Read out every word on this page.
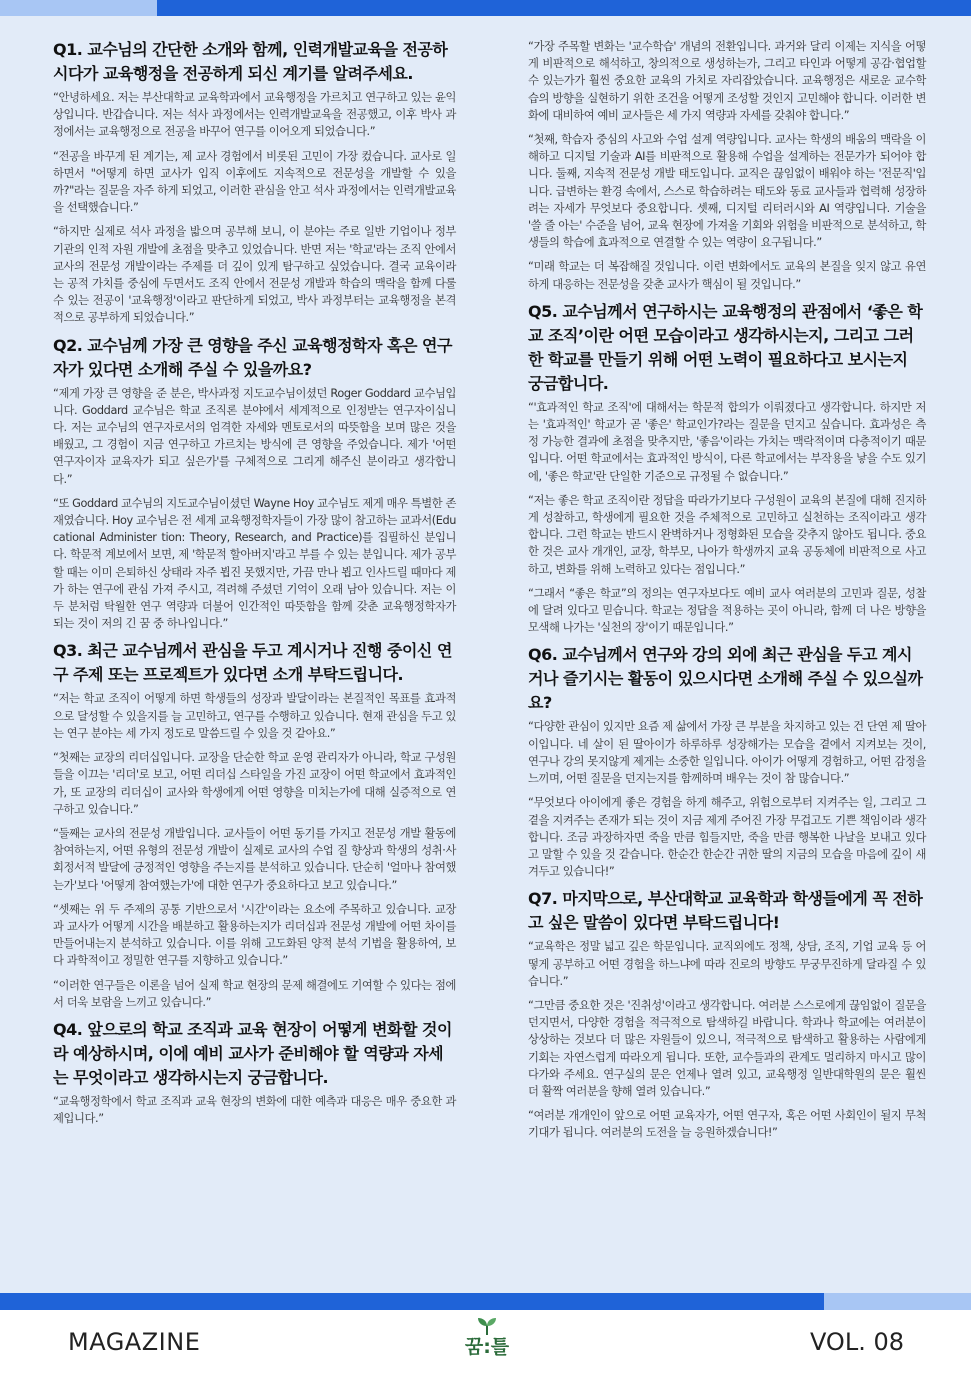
Q1. 교수님의 간단한 소개와 함께, 인력개발교육을 전공하시다가 교육행정을 전공하게 되신 계기를 알려주세요.
“안녕하세요. 저는 부산대학교 교육학과에서 교육행정을 가르치고 연구하고 있는 윤익상입니다. 반갑습니다. 저는 석사 과정에서는 인력개발교육을 전공했고, 이후 박사 과정에서는 교육행정으로 전공을 바꾸어 연구를 이어오게 되었습니다.”
“전공을 바꾸게 된 계기는, 제 교사 경험에서 비롯된 고민이 가장 컸습니다. 교사로 일하면서 "어떻게 하면 교사가 입직 이후에도 지속적으로 전문성을 개발할 수 있을까?"라는 질문을 자주 하게 되었고, 이러한 관심을 안고 석사 과정에서는 인력개발교육을 선택했습니다.”
“하지만 실제로 석사 과정을 밟으며 공부해 보니, 이 분야는 주로 일반 기업이나 정부 기관의 인적 자원 개발에 초점을 맞추고 있었습니다. 반면 저는 '학교'라는 조직 안에서 교사의 전문성 개발이라는 주제를 더 깊이 있게 탐구하고 싶었습니다. 결국 교육이라는 공적 가치를 중심에 두면서도 조직 안에서 전문성 개발과 학습의 맥락을 함께 다룰 수 있는 전공이 '교육행정'이라고 판단하게 되었고, 박사 과정부터는 교육행정을 본격적으로 공부하게 되었습니다.”
Q2. 교수님께 가장 큰 영향을 주신 교육행정학자 혹은 연구자가 있다면 소개해 주실 수 있을까요?
“제게 가장 큰 영향을 준 분은, 박사과정 지도교수님이셨던 Roger Goddard 교수님입니다. Goddard 교수님은 학교 조직론 분야에서 세계적으로 인정받는 연구자이십니다. 저는 교수님의 연구자로서의 엄격한 자세와 멘토로서의 따뜻함을 보며 많은 것을 배웠고, 그 경험이 지금 연구하고 가르치는 방식에 큰 영향을 주었습니다. 제가 '어떤 연구자이자 교육자가 되고 싶은가'를 구체적으로 그리게 해주신 분이라고 생각합니다.”
“또 Goddard 교수님의 지도교수님이셨던 Wayne Hoy 교수님도 제게 매우 특별한 존재였습니다. Hoy 교수님은 전 세계 교육행정학자들이 가장 많이 참고하는 교과서(Educational Administer tion: Theory, Research, and Practice)를 집필하신 분입니다. 학문적 계보에서 보면, 제 '학문적 할아버지'라고 부를 수 있는 분입니다. 제가 공부할 때는 이미 은퇴하신 상태라 자주 뵙진 못했지만, 가끔 만나 뵙고 인사드릴 때마다 제가 하는 연구에 관심 가져 주시고, 격려해 주셨던 기억이 오래 남아 있습니다. 저는 이 두 분처럼 탁월한 연구 역량과 더불어 인간적인 따뜻함을 함께 갖춘 교육행정학자가 되는 것이 저의 긴 꿈 중 하나입니다.”
Q3. 최근 교수님께서 관심을 두고 계시거나 진행 중이신 연구 주제 또는 프로젝트가 있다면 소개 부탁드립니다.
“저는 학교 조직이 어떻게 하면 학생들의 성장과 발달이라는 본질적인 목표를 효과적으로 달성할 수 있을지를 늘 고민하고, 연구를 수행하고 있습니다. 현재 관심을 두고 있는 연구 분야는 세 가지 정도로 말씀드릴 수 있을 것 같아요.”
“첫째는 교장의 리더십입니다. 교장을 단순한 학교 운영 관리자가 아니라, 학교 구성원들을 이끄는 '리더'로 보고, 어떤 리더십 스타일을 가진 교장이 어떤 학교에서 효과적인가, 또 교장의 리더십이 교사와 학생에게 어떤 영향을 미치는가에 대해 실증적으로 연구하고 있습니다.”
“둘째는 교사의 전문성 개발입니다. 교사들이 어떤 동기를 가지고 전문성 개발 활동에 참여하는지, 어떤 유형의 전문성 개발이 실제로 교사의 수업 질 향상과 학생의 성취·사회정서적 발달에 긍정적인 영향을 주는지를 분석하고 있습니다. 단순히 '얼마나 참여했는가'보다 '어떻게 참여했는가'에 대한 연구가 중요하다고 보고 있습니다.”
“셋째는 위 두 주제의 공통 기반으로서 '시간'이라는 요소에 주목하고 있습니다. 교장과 교사가 어떻게 시간을 배분하고 활용하는지가 리더십과 전문성 개발에 어떤 차이를 만들어내는지 분석하고 있습니다. 이를 위해 고도화된 양적 분석 기법을 활용하여, 보다 과학적이고 정밀한 연구를 지향하고 있습니다.”
“이러한 연구들은 이론을 넘어 실제 학교 현장의 문제 해결에도 기여할 수 있다는 점에서 더욱 보람을 느끼고 있습니다.”
Q4. 앞으로의 학교 조직과 교육 현장이 어떻게 변화할 것이라 예상하시며, 이에 예비 교사가 준비해야 할 역량과 자세는 무엇이라고 생각하시는지 궁금합니다.
“교육행정학에서 학교 조직과 교육 현장의 변화에 대한 예측과 대응은 매우 중요한 과제입니다.”
“가장 주목할 변화는 '교수학습' 개념의 전환입니다. 과거와 달리 이제는 지식을 어떻게 비판적으로 해석하고, 창의적으로 생성하는가, 그리고 타인과 어떻게 공감·협업할 수 있는가가 훨씬 중요한 교육의 가치로 자리잡았습니다. 교육행정은 새로운 교수학습의 방향을 실현하기 위한 조건을 어떻게 조성할 것인지 고민해야 합니다. 이러한 변화에 대비하여 예비 교사들은 세 가지 역량과 자세를 갖춰야 합니다.”
“첫째, 학습자 중심의 사고와 수업 설계 역량입니다. 교사는 학생의 배움의 맥락을 이해하고 디지털 기술과 AI를 비판적으로 활용해 수업을 설계하는 전문가가 되어야 합니다. 둘째, 지속적 전문성 개발 태도입니다. 교직은 끊임없이 배워야 하는 '전문직'입니다. 급변하는 환경 속에서, 스스로 학습하려는 태도와 동료 교사들과 협력해 성장하려는 자세가 무엇보다 중요합니다. 셋째, 디지털 리터러시와 AI 역량입니다. 기술을 '쓸 줄 아는' 수준을 넘어, 교육 현장에 가져올 기회와 위험을 비판적으로 분석하고, 학생들의 학습에 효과적으로 연결할 수 있는 역량이 요구됩니다.”
“미래 학교는 더 복잡해질 것입니다. 이런 변화에서도 교육의 본질을 잊지 않고 유연하게 대응하는 전문성을 갖춘 교사가 핵심이 될 것입니다.”
Q5. 교수님께서 연구하시는 교육행정의 관점에서 ‘좋은 학교 조직’이란 어떤 모습이라고 생각하시는지, 그리고 그러한 학교를 만들기 위해 어떤 노력이 필요하다고 보시는지 궁금합니다.
“'효과적인 학교 조직'에 대해서는 학문적 합의가 이뤄졌다고 생각합니다. 하지만 저는 '효과적인' 학교가 곧 '좋은' 학교인가?라는 질문을 던지고 싶습니다. 효과성은 측정 가능한 결과에 초점을 맞추지만, '좋음'이라는 가치는 맥락적이며 다층적이기 때문입니다. 어떤 학교에서는 효과적인 방식이, 다른 학교에서는 부작용을 낳을 수도 있기에, '좋은 학교'란 단일한 기준으로 규정될 수 없습니다.”
“저는 좋은 학교 조직이란 정답을 따라가기보다 구성원이 교육의 본질에 대해 진지하게 성찰하고, 학생에게 필요한 것을 주체적으로 고민하고 실천하는 조직이라고 생각합니다. 그런 학교는 반드시 완벽하거나 정형화된 모습을 갖추지 않아도 됩니다. 중요한 것은 교사 개개인, 교장, 학부모, 나아가 학생까지 교육 공동체에 비판적으로 사고하고, 변화를 위해 노력하고 있다는 점입니다.”
“그래서 “좋은 학교”의 정의는 연구자보다도 예비 교사 여러분의 고민과 질문, 성찰에 달려 있다고 믿습니다. 학교는 정답을 적용하는 곳이 아니라, 함께 더 나은 방향을 모색해 나가는 '실천의 장'이기 때문입니다.”
Q6. 교수님께서 연구와 강의 외에 최근 관심을 두고 계시거나 즐기시는 활동이 있으시다면 소개해 주실 수 있으실까요?
“다양한 관심이 있지만 요즘 제 삶에서 가장 큰 부분을 차지하고 있는 건 단연 제 딸아이입니다. 네 살이 된 딸아이가 하루하루 성장해가는 모습을 곁에서 지켜보는 것이, 연구나 강의 못지않게 제게는 소중한 일입니다. 아이가 어떻게 경험하고, 어떤 감정을 느끼며, 어떤 질문을 던지는지를 함께하며 배우는 것이 참 많습니다.”
“무엇보다 아이에게 좋은 경험을 하게 해주고, 위험으로부터 지켜주는 일, 그리고 그 곁을 지켜주는 존재가 되는 것이 지금 제게 주어진 가장 무겁고도 기쁜 책임이라 생각합니다. 조금 과장하자면 죽을 만큼 힘들지만, 죽을 만큼 행복한 나날을 보내고 있다고 말할 수 있을 것 같습니다. 한순간 한순간 귀한 딸의 지금의 모습을 마음에 깊이 새겨두고 있습니다!”
Q7. 마지막으로, 부산대학교 교육학과 학생들에게 꼭 전하고 싶은 말씀이 있다면 부탁드립니다!
“교육학은 정말 넓고 깊은 학문입니다. 교직외에도 정책, 상담, 조직, 기업 교육 등 어떻게 공부하고 어떤 경험을 하느냐에 따라 진로의 방향도 무궁무진하게 달라질 수 있습니다.”
“그만큼 중요한 것은 '진취성'이라고 생각합니다. 여러분 스스로에게 끊임없이 질문을 던지면서, 다양한 경험을 적극적으로 탐색하길 바랍니다. 학과나 학교에는 여러분이 상상하는 것보다 더 많은 자원들이 있으니, 적극적으로 탐색하고 활용하는 사람에게 기회는 자연스럽게 따라오게 됩니다. 또한, 교수들과의 관계도 멀리하지 마시고 많이 다가와 주세요. 연구실의 문은 언제나 열려 있고, 교육행정 일반대학원의 문은 훨씬 더 활짝 여러분을 향해 열려 있습니다.”
“여러분 개개인이 앞으로 어떤 교육자가, 어떤 연구자, 혹은 어떤 사회인이 될지 무척 기대가 됩니다. 여러분의 도전을 늘 응원하겠습니다!”
MAGAZINE	꿈:틀	VOL. 08
